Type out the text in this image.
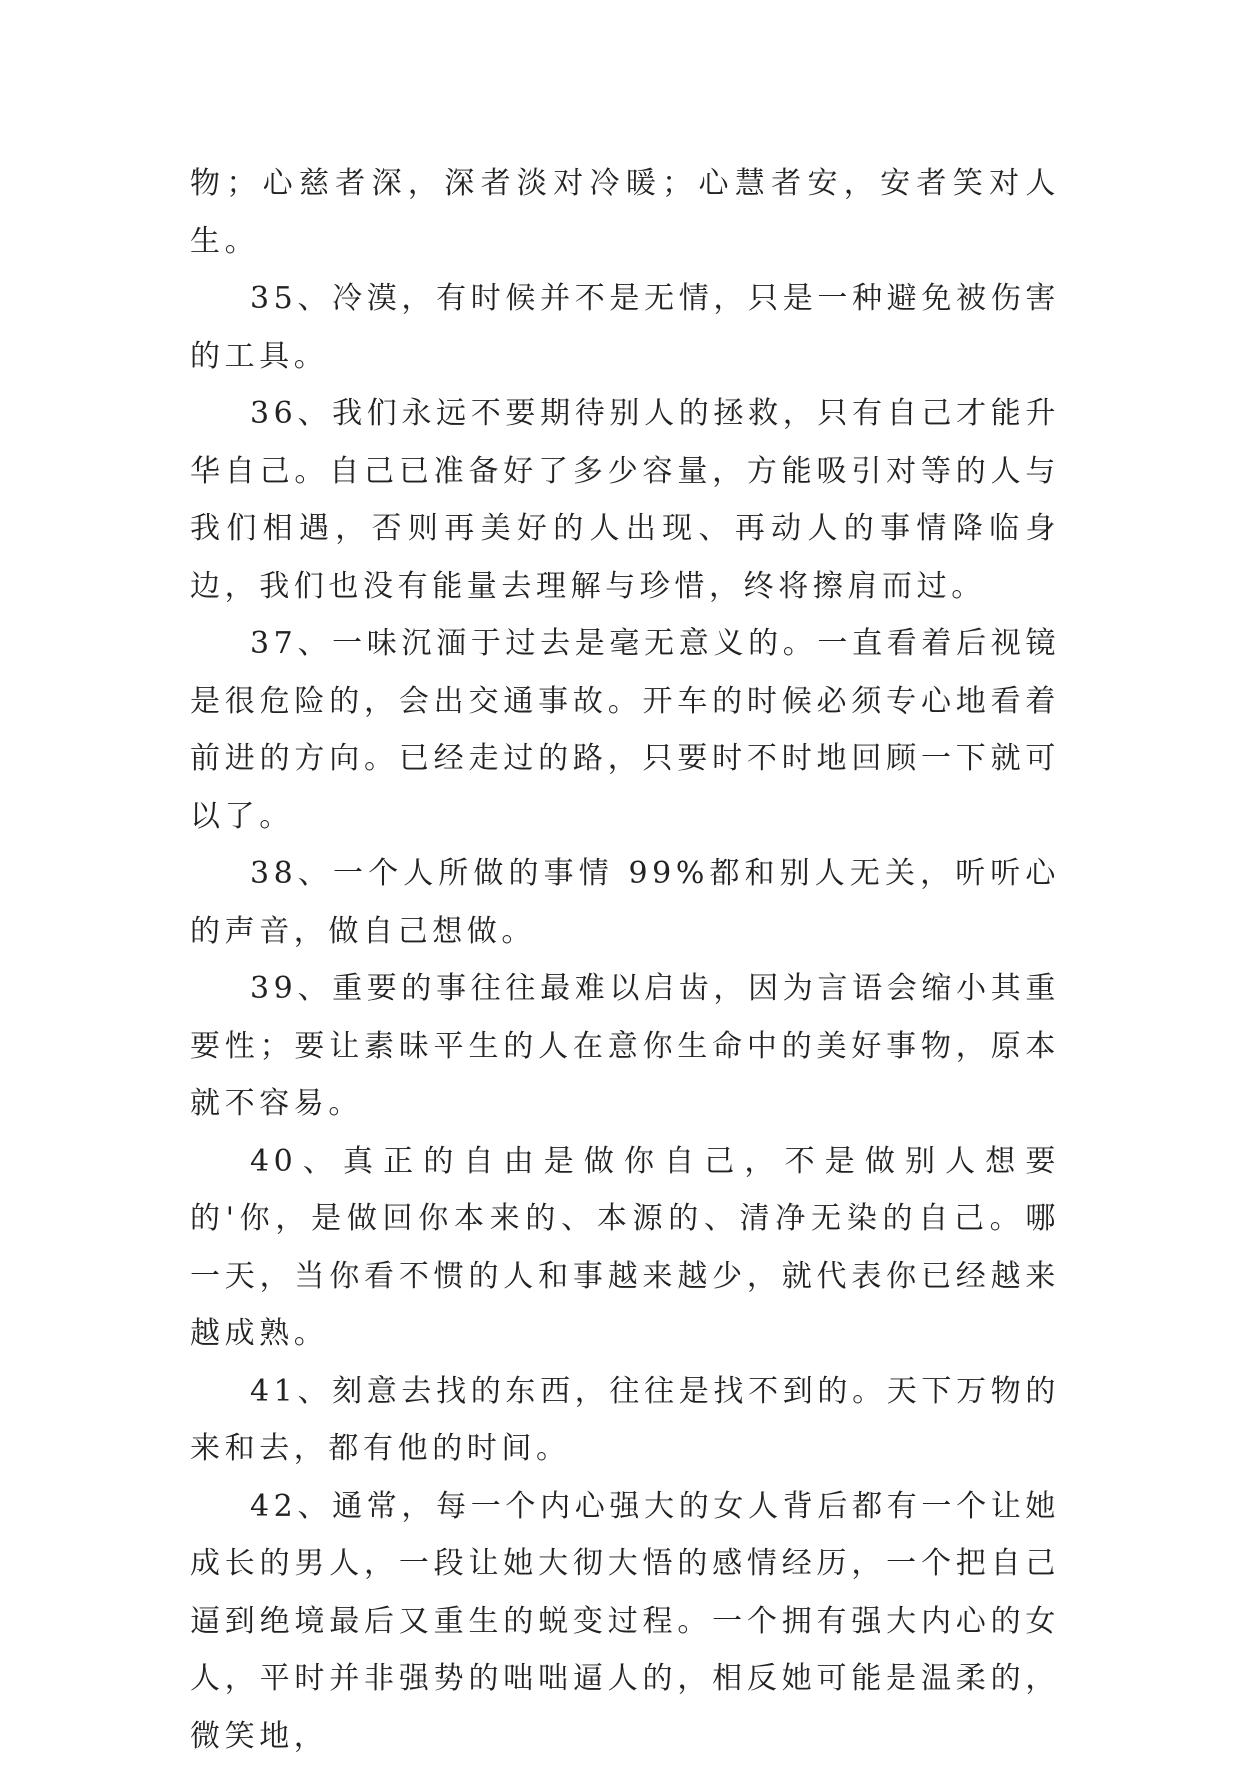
物；心慈者深，深者淡对冷暖；心慧者安，安者笑对人生。

35、冷漠，有时候并不是无情，只是一种避免被伤害的工具。

36、我们永远不要期待别人的拯救，只有自己才能升华自己。自己已准备好了多少容量，方能吸引对等的人与我们相遇，否则再美好的人出现、再动人的事情降临身边，我们也没有能量去理解与珍惜，终将擦肩而过。

37、一味沉湎于过去是毫无意义的。一直看着后视镜是很危险的，会出交通事故。开车的时候必须专心地看着前进的方向。已经走过的路，只要时不时地回顾一下就可以了。

38、一个人所做的事情 99%都和别人无关，听听心的声音，做自己想做。

39、重要的事往往最难以启齿，因为言语会缩小其重要性；要让素昧平生的人在意你生命中的美好事物，原本就不容易。

40、真正的自由是做你自己，不是做别人想要的'你，是做回你本来的、本源的、清净无染的自己。哪一天，当你看不惯的人和事越来越少，就代表你已经越来越成熟。

41、刻意去找的东西，往往是找不到的。天下万物的来和去，都有他的时间。

42、通常，每一个内心强大的女人背后都有一个让她成长的男人，一段让她大彻大悟的感情经历，一个把自己逼到绝境最后又重生的蜕变过程。一个拥有强大内心的女人，平时并非强势的咄咄逼人的，相反她可能是温柔的，微笑地，
